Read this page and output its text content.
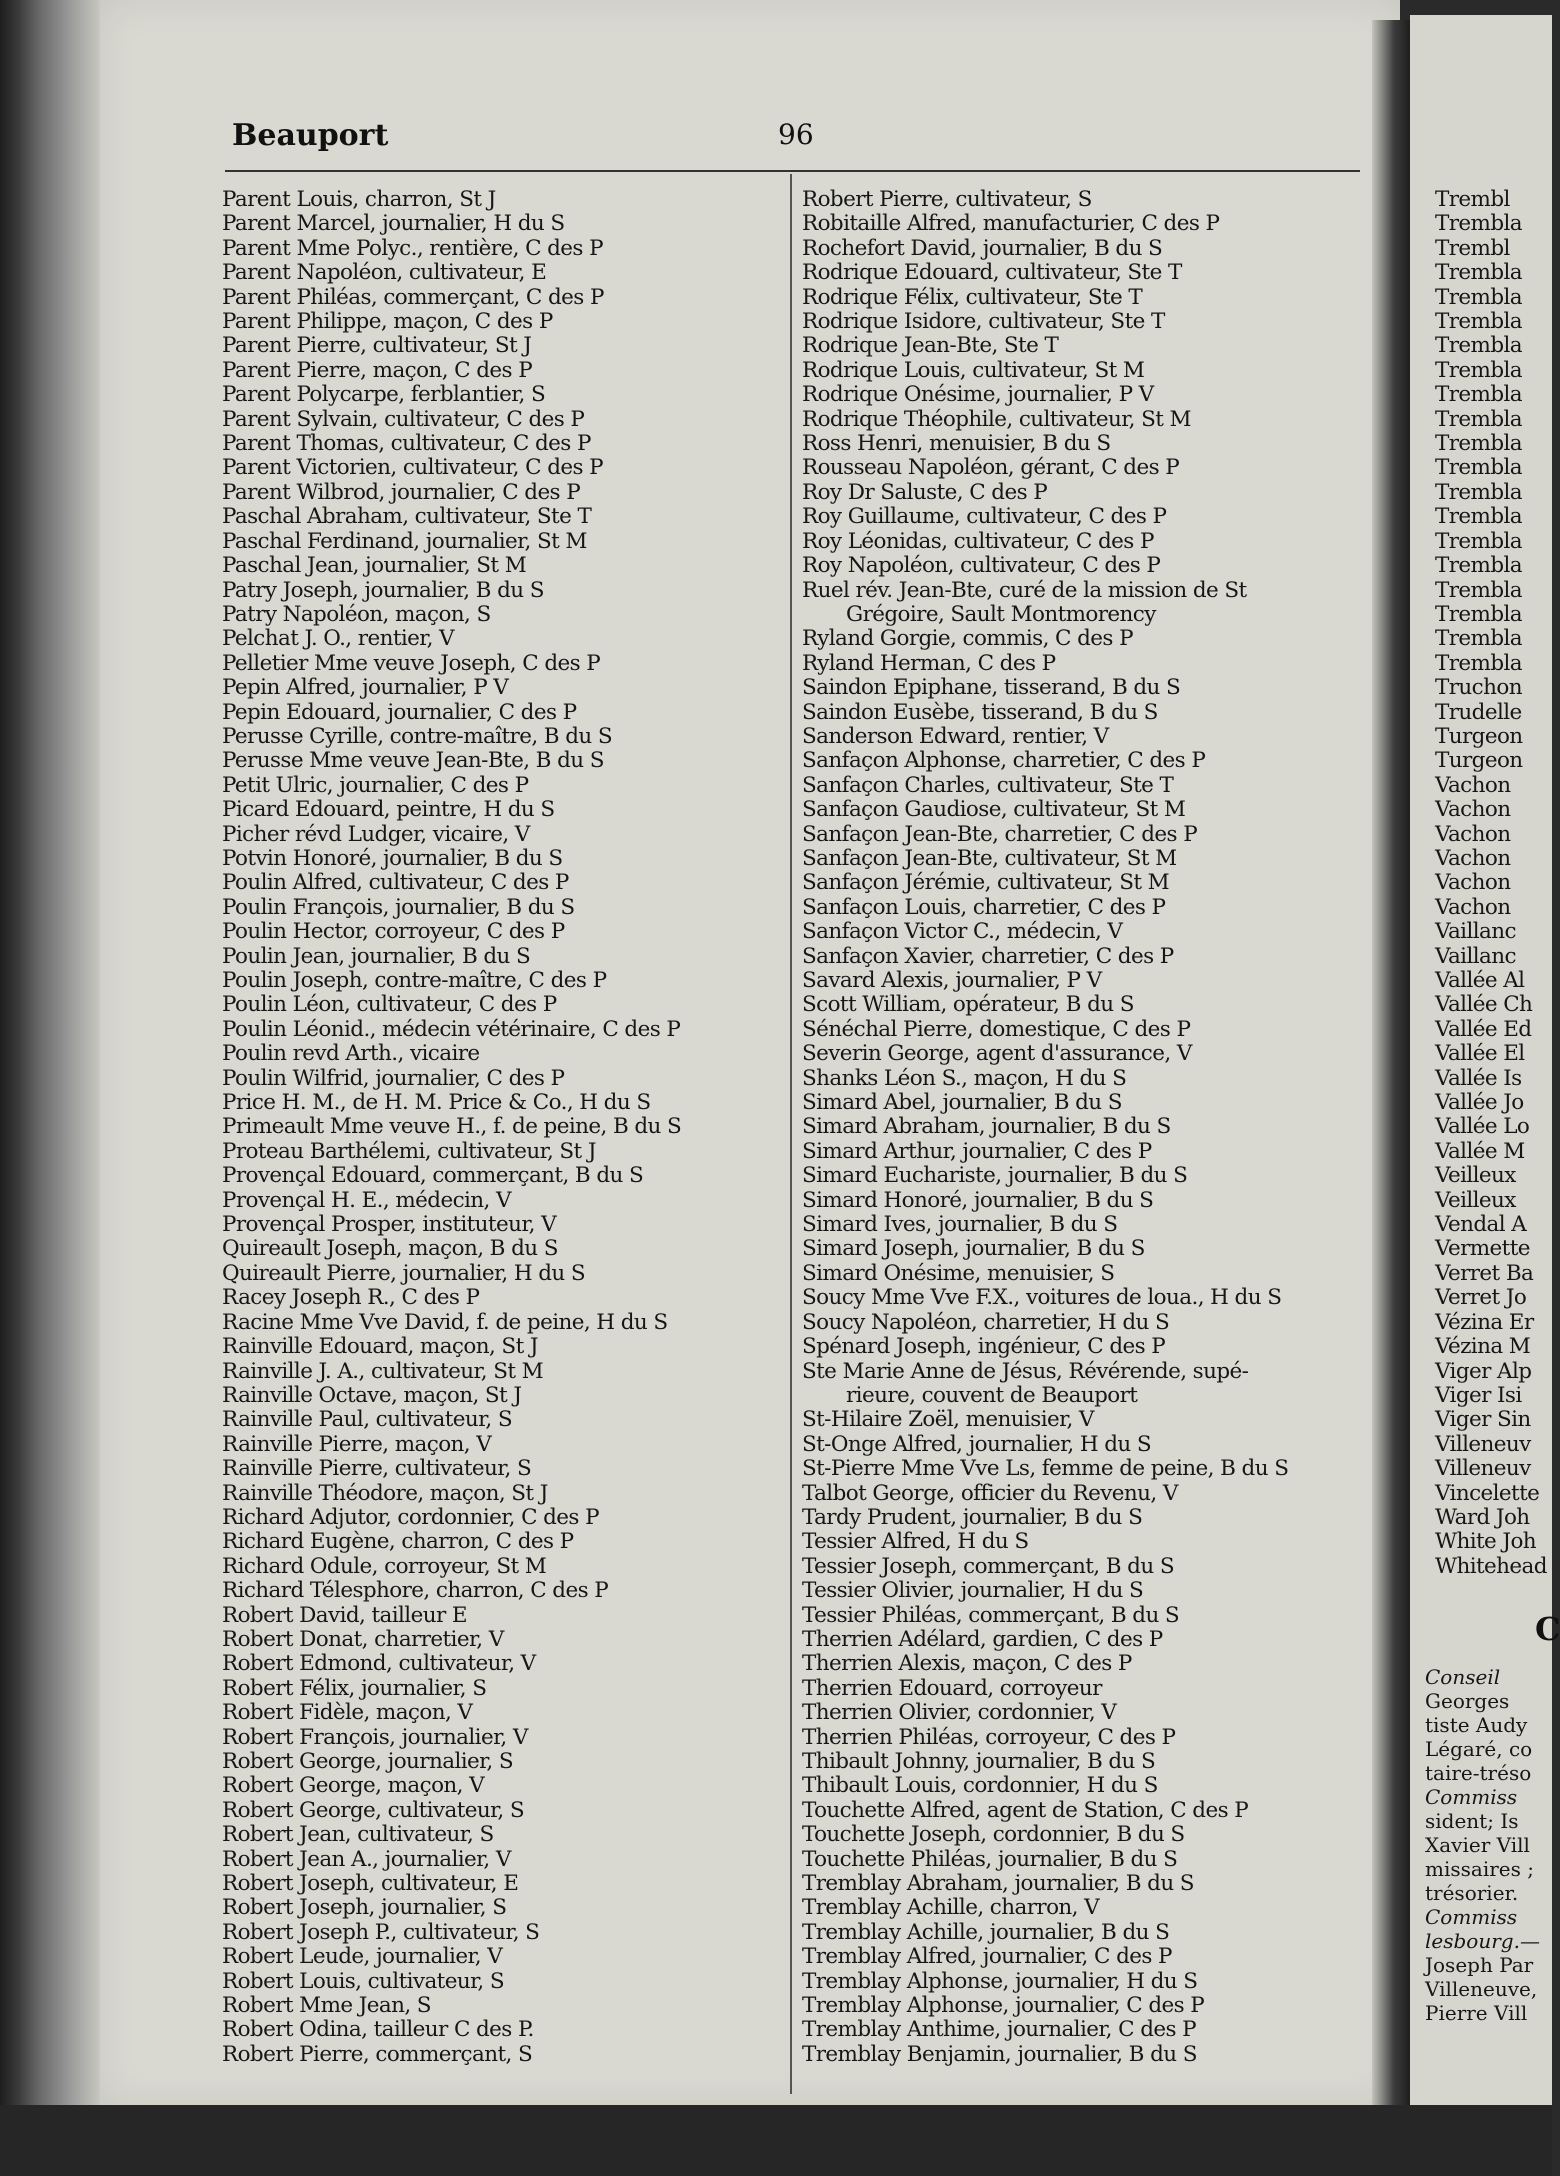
Beauport	96
Parent Louis, charron, St J
Parent Marcel, journalier, H du S
Parent Mme Polyc., rentière, C des P
Parent Napoléon, cultivateur, E
Parent Philéas, commerçant, C des P
Parent Philippe, maçon, C des P
Parent Pierre, cultivateur, St J
Parent Pierre, maçon, C des P
Parent Polycarpe, ferblantier, S
Parent Sylvain, cultivateur, C des P
Parent Thomas, cultivateur, C des P
Parent Victorien, cultivateur, C des P
Parent Wilbrod, journalier, C des P
Paschal Abraham, cultivateur, Ste T
Paschal Ferdinand, journalier, St M
Paschal Jean, journalier, St M
Patry Joseph, journalier, B du S
Patry Napoléon, maçon, S
Pelchat J. O., rentier, V
Pelletier Mme veuve Joseph, C des P
Pepin Alfred, journalier, P V
Pepin Edouard, journalier, C des P
Perusse Cyrille, contre-maître, B du S
Perusse Mme veuve Jean-Bte, B du S
Petit Ulric, journalier, C des P
Picard Edouard, peintre, H du S
Picher révd Ludger, vicaire, V
Potvin Honoré, journalier, B du S
Poulin Alfred, cultivateur, C des P
Poulin François, journalier, B du S
Poulin Hector, corroyeur, C des P
Poulin Jean, journalier, B du S
Poulin Joseph, contre-maître, C des P
Poulin Léon, cultivateur, C des P
Poulin Léonid., médecin vétérinaire, C des P
Poulin revd Arth., vicaire
Poulin Wilfrid, journalier, C des P
Price H. M., de H. M. Price & Co., H du S
Primeault Mme veuve H., f. de peine, B du S
Proteau Barthélemi, cultivateur, St J
Provençal Edouard, commerçant, B du S
Provençal H. E., médecin, V
Provençal Prosper, instituteur, V
Quireault Joseph, maçon, B du S
Quireault Pierre, journalier, H du S
Racey Joseph R., C des P
Racine Mme Vve David, f. de peine, H du S
Rainville Edouard, maçon, St J
Rainville J. A., cultivateur, St M
Rainville Octave, maçon, St J
Rainville Paul, cultivateur, S
Rainville Pierre, maçon, V
Rainville Pierre, cultivateur, S
Rainville Théodore, maçon, St J
Richard Adjutor, cordonnier, C des P
Richard Eugène, charron, C des P
Richard Odule, corroyeur, St M
Richard Télesphore, charron, C des P
Robert David, tailleur E
Robert Donat, charretier, V
Robert Edmond, cultivateur, V
Robert Félix, journalier, S
Robert Fidèle, maçon, V
Robert François, journalier, V
Robert George, journalier, S
Robert George, maçon, V
Robert George, cultivateur, S
Robert Jean, cultivateur, S
Robert Jean A., journalier, V
Robert Joseph, cultivateur, E
Robert Joseph, journalier, S
Robert Joseph P., cultivateur, S
Robert Leude, journalier, V
Robert Louis, cultivateur, S
Robert Mme Jean, S
Robert Odina, tailleur C des P.
Robert Pierre, commerçant, S
Robert Pierre, cultivateur, S
Robitaille Alfred, manufacturier, C des P
Rochefort David, journalier, B du S
Rodrique Edouard, cultivateur, Ste T
Rodrique Félix, cultivateur, Ste T
Rodrique Isidore, cultivateur, Ste T
Rodrique Jean-Bte, Ste T
Rodrique Louis, cultivateur, St M
Rodrique Onésime, journalier, P V
Rodrique Théophile, cultivateur, St M
Ross Henri, menuisier, B du S
Rousseau Napoléon, gérant, C des P
Roy Dr Saluste, C des P
Roy Guillaume, cultivateur, C des P
Roy Léonidas, cultivateur, C des P
Roy Napoléon, cultivateur, C des P
Ruel rév. Jean-Bte, curé de la mission de St
Grégoire, Sault Montmorency
Ryland Gorgie, commis, C des P
Ryland Herman, C des P
Saindon Epiphane, tisserand, B du S
Saindon Eusèbe, tisserand, B du S
Sanderson Edward, rentier, V
Sanfaçon Alphonse, charretier, C des P
Sanfaçon Charles, cultivateur, Ste T
Sanfaçon Gaudiose, cultivateur, St M
Sanfaçon Jean-Bte, charretier, C des P
Sanfaçon Jean-Bte, cultivateur, St M
Sanfaçon Jérémie, cultivateur, St M
Sanfaçon Louis, charretier, C des P
Sanfaçon Victor C., médecin, V
Sanfaçon Xavier, charretier, C des P
Savard Alexis, journalier, P V
Scott William, opérateur, B du S
Sénéchal Pierre, domestique, C des P
Severin George, agent d'assurance, V
Shanks Léon S., maçon, H du S
Simard Abel, journalier, B du S
Simard Abraham, journalier, B du S
Simard Arthur, journalier, C des P
Simard Euchariste, journalier, B du S
Simard Honoré, journalier, B du S
Simard Ives, journalier, B du S
Simard Joseph, journalier, B du S
Simard Onésime, menuisier, S
Soucy Mme Vve F.X., voitures de loua., H du S
Soucy Napoléon, charretier, H du S
Spénard Joseph, ingénieur, C des P
Ste Marie Anne de Jésus, Révérende, supé-
rieure, couvent de Beauport
St-Hilaire Zoël, menuisier, V
St-Onge Alfred, journalier, H du S
St-Pierre Mme Vve Ls, femme de peine, B du S
Talbot George, officier du Revenu, V
Tardy Prudent, journalier, B du S
Tessier Alfred, H du S
Tessier Joseph, commerçant, B du S
Tessier Olivier, journalier, H du S
Tessier Philéas, commerçant, B du S
Therrien Adélard, gardien, C des P
Therrien Alexis, maçon, C des P
Therrien Edouard, corroyeur
Therrien Olivier, cordonnier, V
Therrien Philéas, corroyeur, C des P
Thibault Johnny, journalier, B du S
Thibault Louis, cordonnier, H du S
Touchette Alfred, agent de Station, C des P
Touchette Joseph, cordonnier, B du S
Touchette Philéas, journalier, B du S
Tremblay Abraham, journalier, B du S
Tremblay Achille, charron, V
Tremblay Achille, journalier, B du S
Tremblay Alfred, journalier, C des P
Tremblay Alphonse, journalier, H du S
Tremblay Alphonse, journalier, C des P
Tremblay Anthime, journalier, C des P
Tremblay Benjamin, journalier, B du S
Trembl
Trembla
Trembl
Trembla
Trembla
Trembla
Trembla
Trembla
Trembla
Trembla
Trembla
Trembla
Trembla
Trembla
Trembla
Trembla
Trembla
Trembla
Trembla
Trembla
Truchon
Trudelle
Turgeon
Turgeon
Vachon
Vachon
Vachon
Vachon
Vachon
Vachon
Vaillanc
Vaillanc
Vallée Al
Vallée Ch
Vallée Ed
Vallée El
Vallée Is
Vallée Jo
Vallée Lo
Vallée M
Veilleux
Veilleux
Vendal A
Vermette
Verret Ba
Verret Jo
Vézina Er
Vézina M
Viger Alp
Viger Isi
Viger Sin
Villeneuv
Villeneuv
Vincelette
Ward Joh
White Joh
Whitehead
C
Conseil
Georges
tiste Audy
Légaré, co
taire-tréso
Commiss
sident; Is
Xavier Vill
missaires ;
trésorier.
Commiss
lesbourg.—
Joseph Par
Villeneuve,
Pierre Vill
